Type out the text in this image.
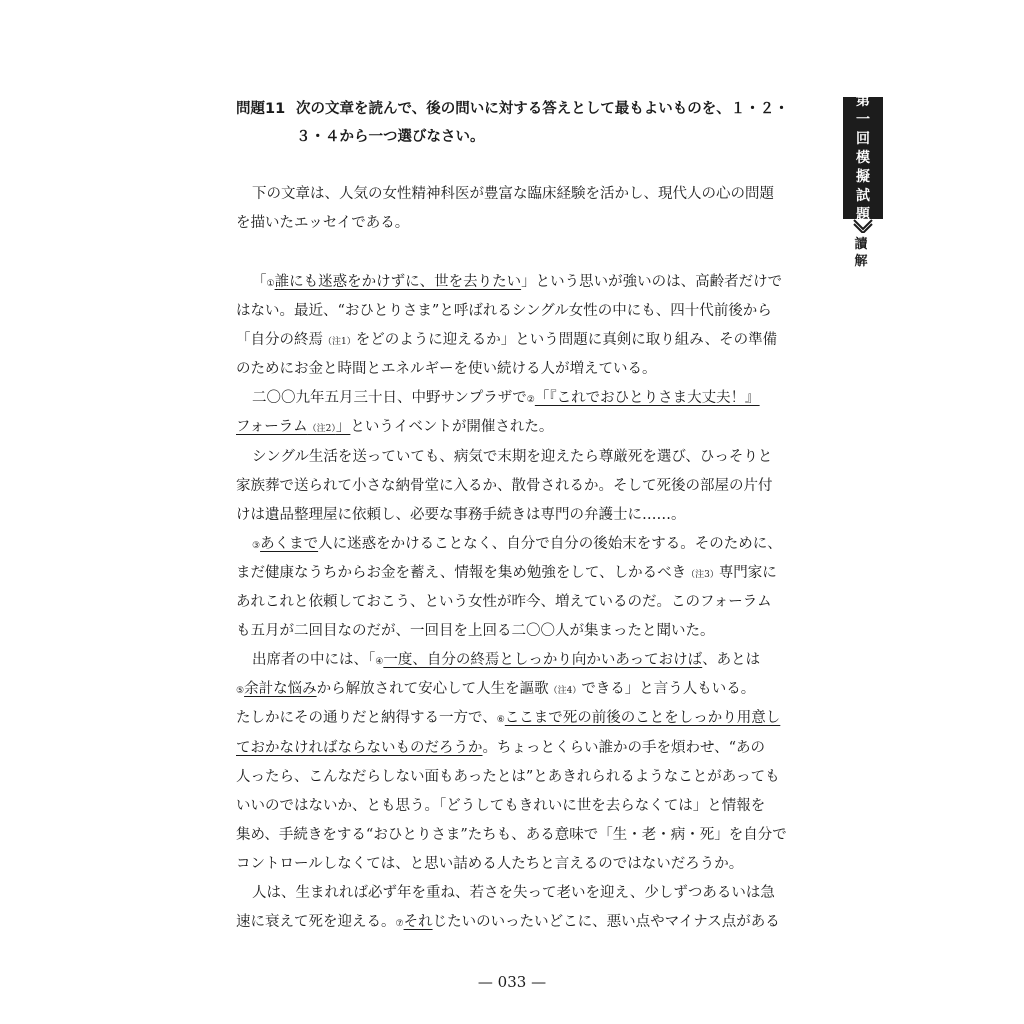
問題11 次の文章を読んで、後の問いに対する答えとして最もよいものを、１・２・
３・４から一つ選びなさい。
下の文章は、人気の女性精神科医が豊富な臨床経験を活かし、現代人の心の問題
を描いたエッセイである。
「①誰にも迷惑をかけずに、世を去りたい」という思いが強いのは、高齢者だけで
はない。最近、“おひとりさま”と呼ばれるシングル女性の中にも、四十代前後から
「自分の終焉（注1）をどのように迎えるか」という問題に真剣に取り組み、その準備
のためにお金と時間とエネルギーを使い続ける人が増えている。
二〇〇九年五月三十日、中野サンプラザで②「『これでおひとりさま大丈夫！』
フォーラム（注2）」というイベントが開催された。
シングル生活を送っていても、病気で末期を迎えたら尊厳死を選び、ひっそりと
家族葬で送られて小さな納骨堂に入るか、散骨されるか。そして死後の部屋の片付
けは遺品整理屋に依頼し、必要な事務手続きは専門の弁護士に……。
③あくまで人に迷惑をかけることなく、自分で自分の後始末をする。そのために、
まだ健康なうちからお金を蓄え、情報を集め勉強をして、しかるべき（注3）専門家に
あれこれと依頼しておこう、という女性が昨今、増えているのだ。このフォーラム
も五月が二回目なのだが、一回目を上回る二〇〇人が集まったと聞いた。
出席者の中には、「④一度、自分の終焉としっかり向かいあっておけば、あとは
⑤余計な悩みから解放されて安心して人生を謳歌（注4）できる」と言う人もいる。
たしかにその通りだと納得する一方で、⑥ここまで死の前後のことをしっかり用意し
ておかなければならないものだろうか。ちょっとくらい誰かの手を煩わせ、“あの
人ったら、こんなだらしない面もあったとは”とあきれられるようなことがあっても
いいのではないか、とも思う。「どうしてもきれいに世を去らなくては」と情報を
集め、手続きをする“おひとりさま”たちも、ある意味で「生・老・病・死」を自分で
コントロールしなくては、と思い詰める人たちと言えるのではないだろうか。
人は、生まれれば必ず年を重ね、若さを失って老いを迎え、少しずつあるいは急
速に衰えて死を迎える。⑦それじたいのいったいどこに、悪い点やマイナス点がある
第
一
回
模
擬
試
題
讀
解
— 033 —
